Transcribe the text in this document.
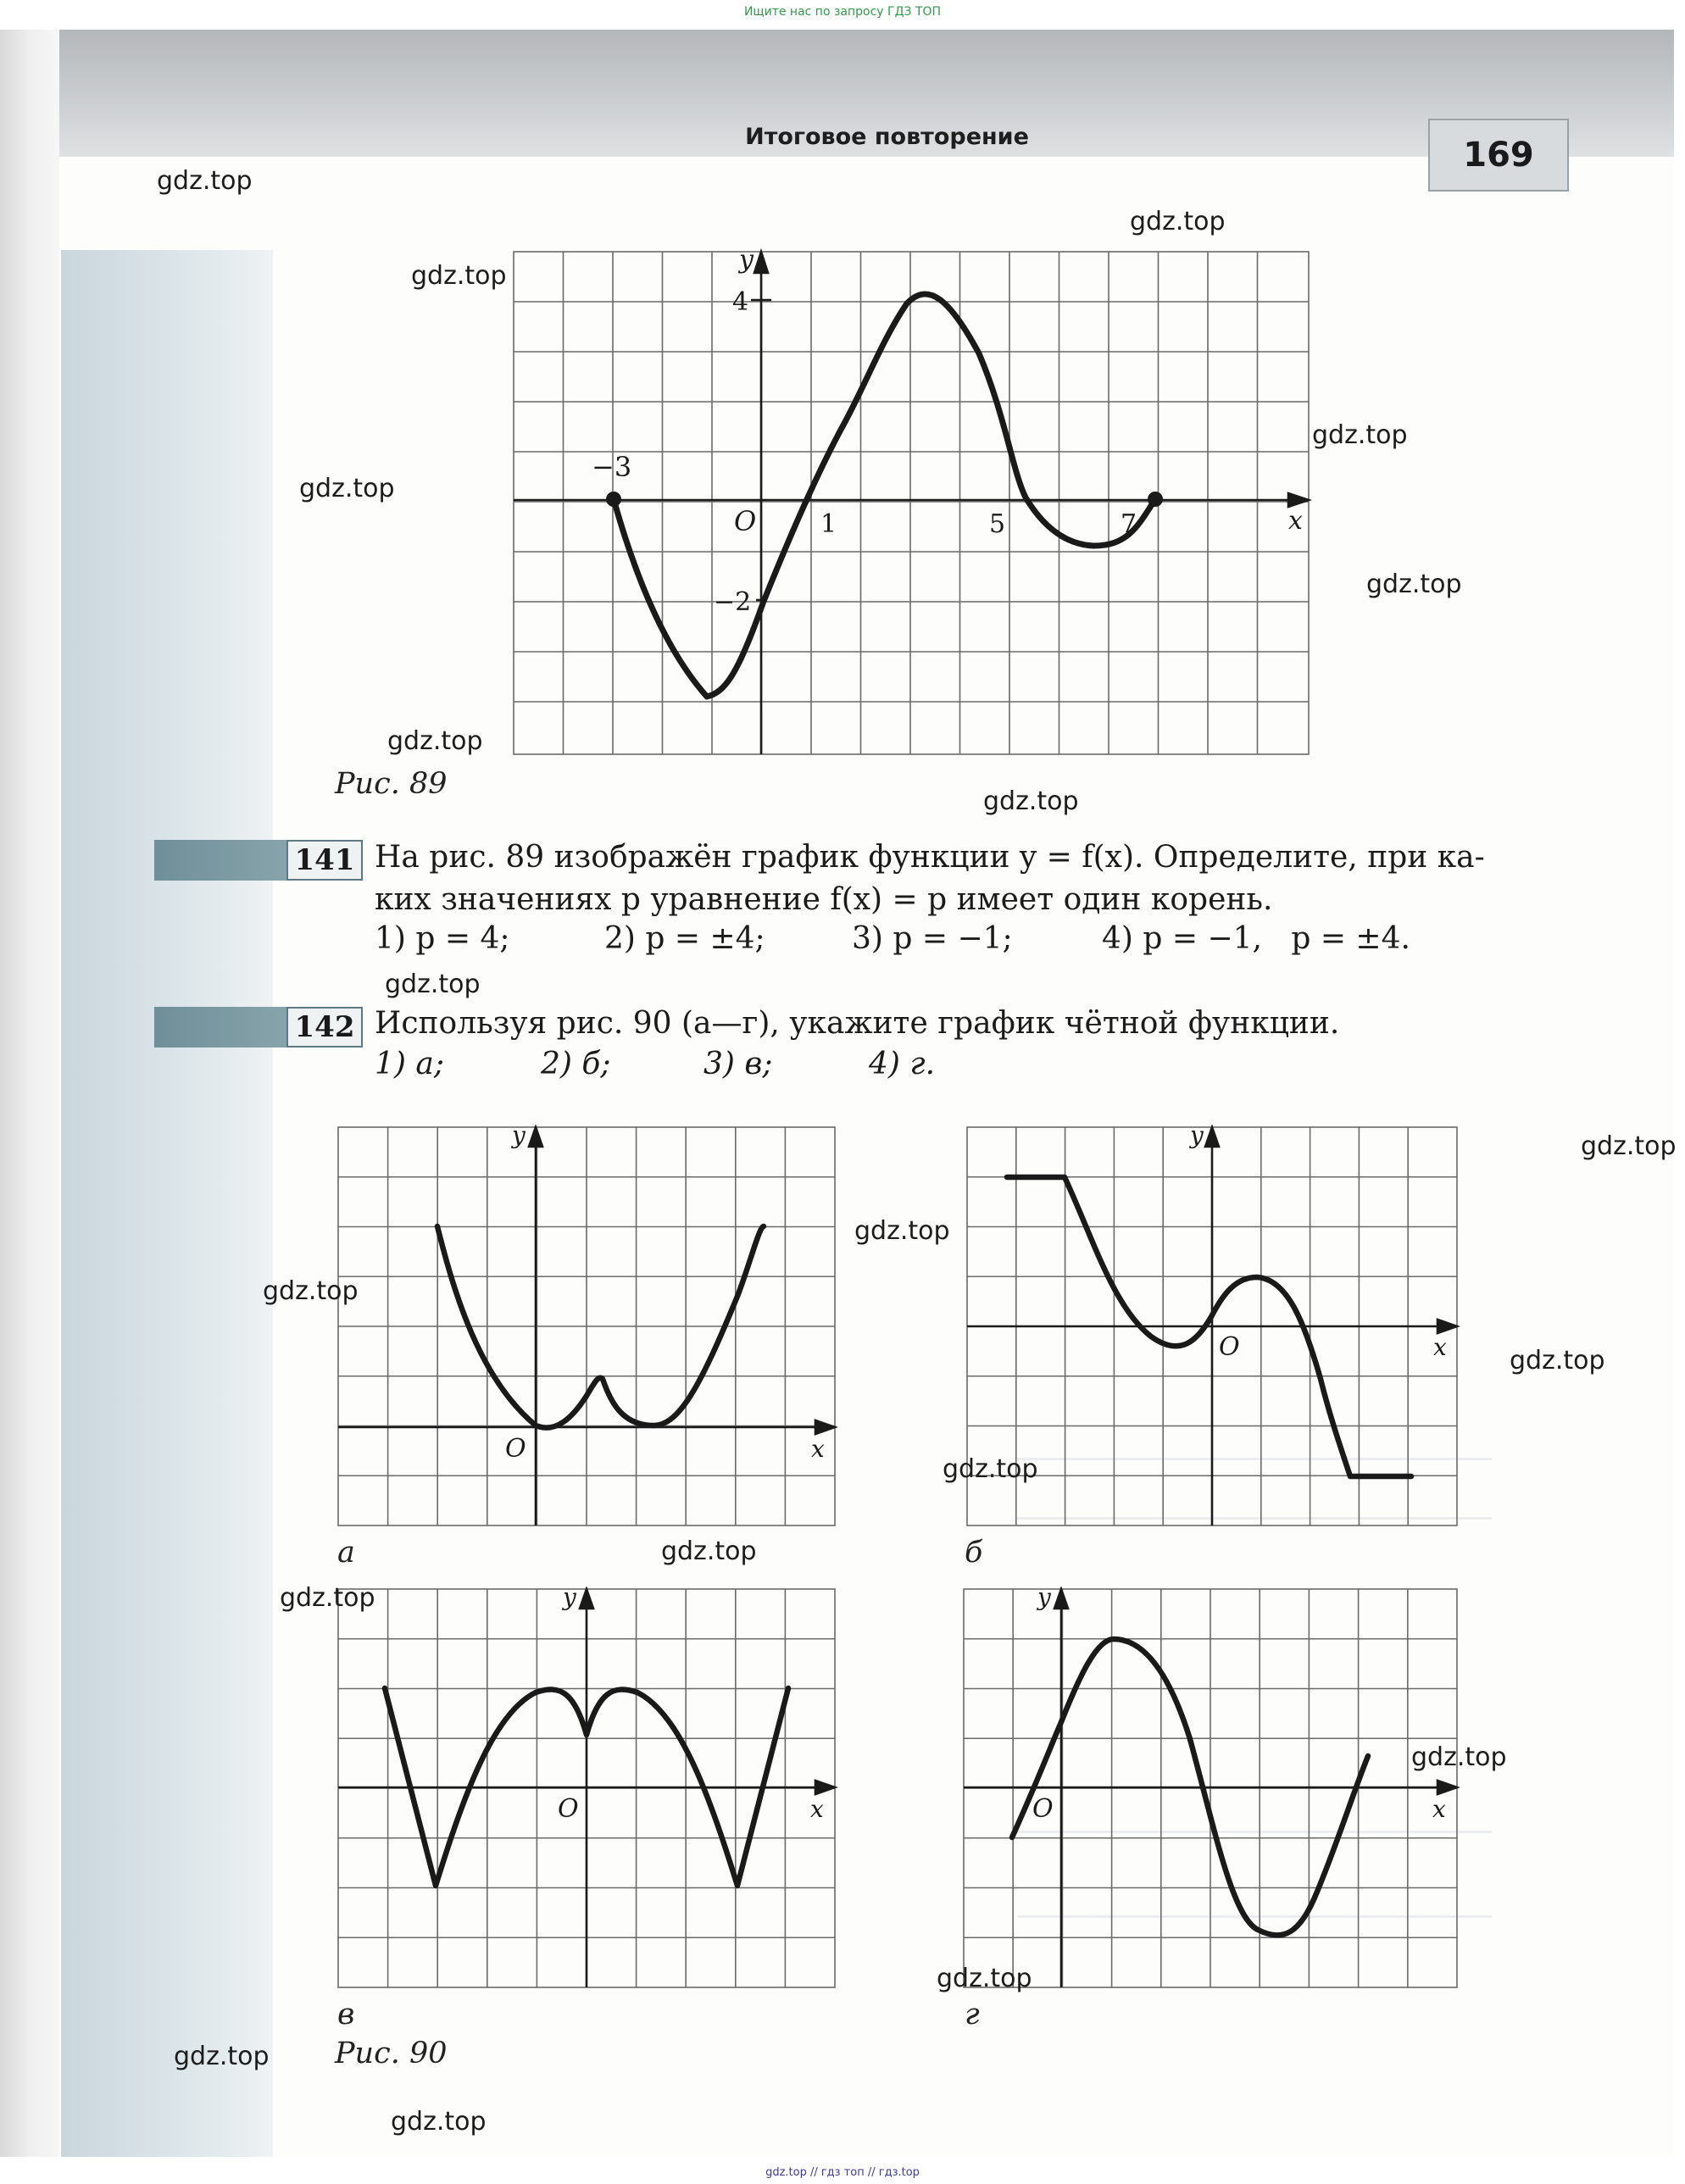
Ищите нас по запросу ГДЗ ТОП
Итоговое повторение	169
y
x
O
−3
1	5	7
4
−2
Рис. 89
141 На рис. 89 изображён график функции y = f(x). Определите, при ка-
ких значениях p уравнение f(x) = p имеет один корень.
1) p = 4;	2) p = ±4;	3) p = −1;	4) p = −1,   p = ±4.
142 Используя рис. 90 (а—г), укажите график чётной функции.
1) а;	2) б;	3) в;	4) г.
y
x
O
а
y
x
O
б
y
x
O
в
y
x
O
г
Рис. 90
gdz.top
gdz.top
gdz.top
gdz.top
gdz.top
gdz.top
gdz.top
gdz.top
gdz.top
gdz.top
gdz.top
gdz.top
gdz.top
gdz.top
gdz.top
gdz.top
gdz.top
gdz.top
gdz.top
gdz.top
gdz.top // гдз топ // гдз.top
